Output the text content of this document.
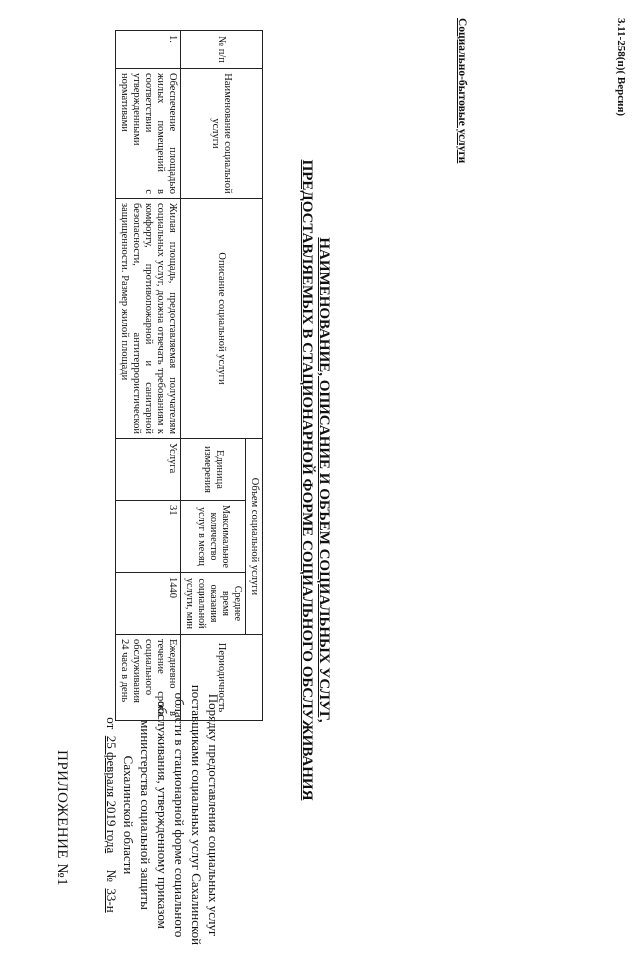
ПРИЛОЖЕНИЕ №1	Порядку предоставления социальных услуг
поставщиками социальных услуг Сахалинской
области в стационарной форме социального
обслуживания, утвержденному приказом
министерства социальной защиты
Сахалинской области
от  25 февраля 2019 года     №  33-н
НАИМЕНОВАНИЕ, ОПИСАНИЕ И ОБЪЕМ СОЦИАЛЬНЫХ УСЛУГ,
ПРЕДОСТАВЛЯЕМЫХ В СТАЦИОНАРНОЙ ФОРМЕ СОЦИАЛЬНОГО ОБСЛУЖИВАНИЯ
№ п/п	Наименование социальной услуги	Описание социальной услуги	Объем социальной услуги			Периодичность
			Единица измерения	Максимальное количество услуг в месяц	Среднее время оказания социальной услуги, мин	
1.	Обеспечение площадью жилых помещений в соответствии с утвержденными нормативами	Жилая площадь, предоставляемая получателям социальных услуг, должна отвечать требованиям к комфорту, противопожарной и санитарной безопасности, антитеррористической защищенности. Размер жилой площади	Услуга	31	1440	Ежедневно в течение срока социального обслуживания 24 часа в день
Социально-бытовые услуги	3.11-258(п)( Версия)
